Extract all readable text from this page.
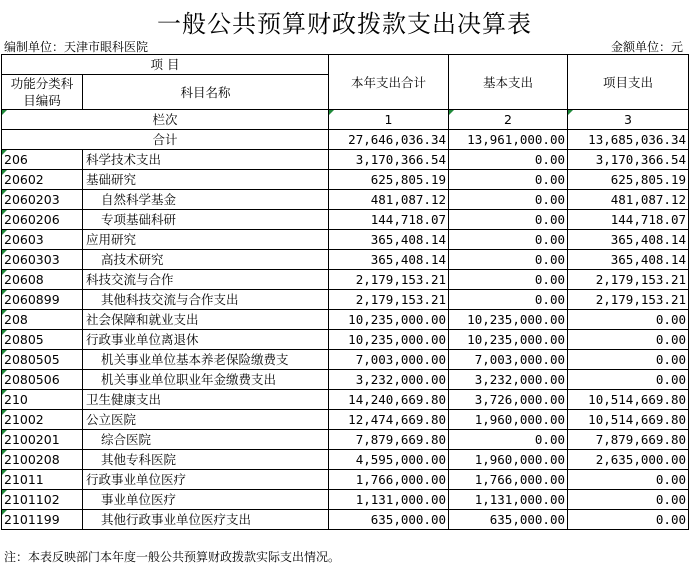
一般公共预算财政拨款支出决算表
编制单位：天津市眼科医院	金额单位：元
项 目		本年支出合计	基本支出	项目支出
功能分类科目编码	科目名称			

栏次		1	2	3
合计		27,646,036.34	13,961,000.00	13,685,036.34
206	科学技术支出	3,170,366.54	0.00	3,170,366.54
20602	基础研究	625,805.19	0.00	625,805.19
2060203	自然科学基金	481,087.12	0.00	481,087.12
2060206	专项基础科研	144,718.07	0.00	144,718.07
20603	应用研究	365,408.14	0.00	365,408.14
2060303	高技术研究	365,408.14	0.00	365,408.14
20608	科技交流与合作	2,179,153.21	0.00	2,179,153.21
2060899	其他科技交流与合作支出	2,179,153.21	0.00	2,179,153.21
208	社会保障和就业支出	10,235,000.00	10,235,000.00	0.00
20805	行政事业单位离退休	10,235,000.00	10,235,000.00	0.00
2080505	机关事业单位基本养老保险缴费支	7,003,000.00	7,003,000.00	0.00
2080506	机关事业单位职业年金缴费支出	3,232,000.00	3,232,000.00	0.00
210	卫生健康支出	14,240,669.80	3,726,000.00	10,514,669.80
21002	公立医院	12,474,669.80	1,960,000.00	10,514,669.80
2100201	综合医院	7,879,669.80	0.00	7,879,669.80
2100208	其他专科医院	4,595,000.00	1,960,000.00	2,635,000.00
21011	行政事业单位医疗	1,766,000.00	1,766,000.00	0.00
2101102	事业单位医疗	1,131,000.00	1,131,000.00	0.00
2101199	其他行政事业单位医疗支出	635,000.00	635,000.00	0.00
注：本表反映部门本年度一般公共预算财政拨款实际支出情况。
